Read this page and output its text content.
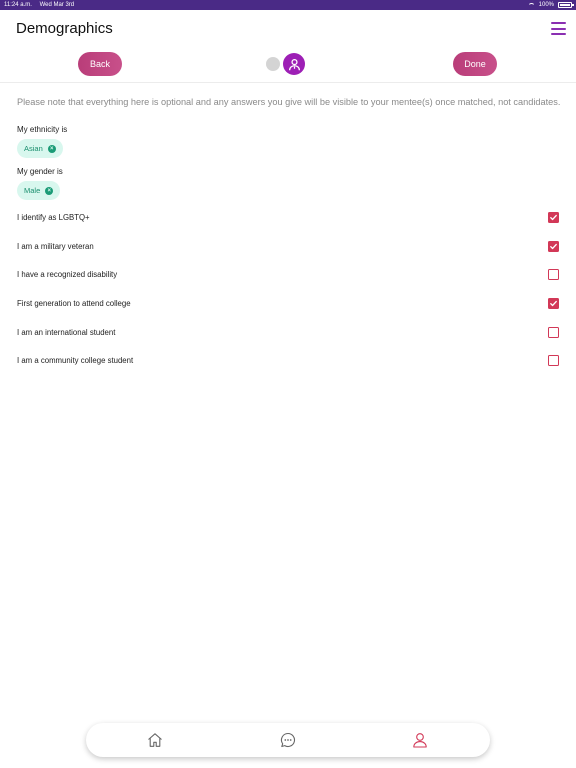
11:24 a.m. Wed Mar 3rd	100%
Demographics
Back	Done
Please note that everything here is optional and any answers you give will be visible to your mentee(s) once matched, not candidates.
My ethnicity is
Asian	×
My gender is
Male	×
I identify as LGBTQ+
I am a military veteran
I have a recognized disability
First generation to attend college
I am an international student
I am a community college student
